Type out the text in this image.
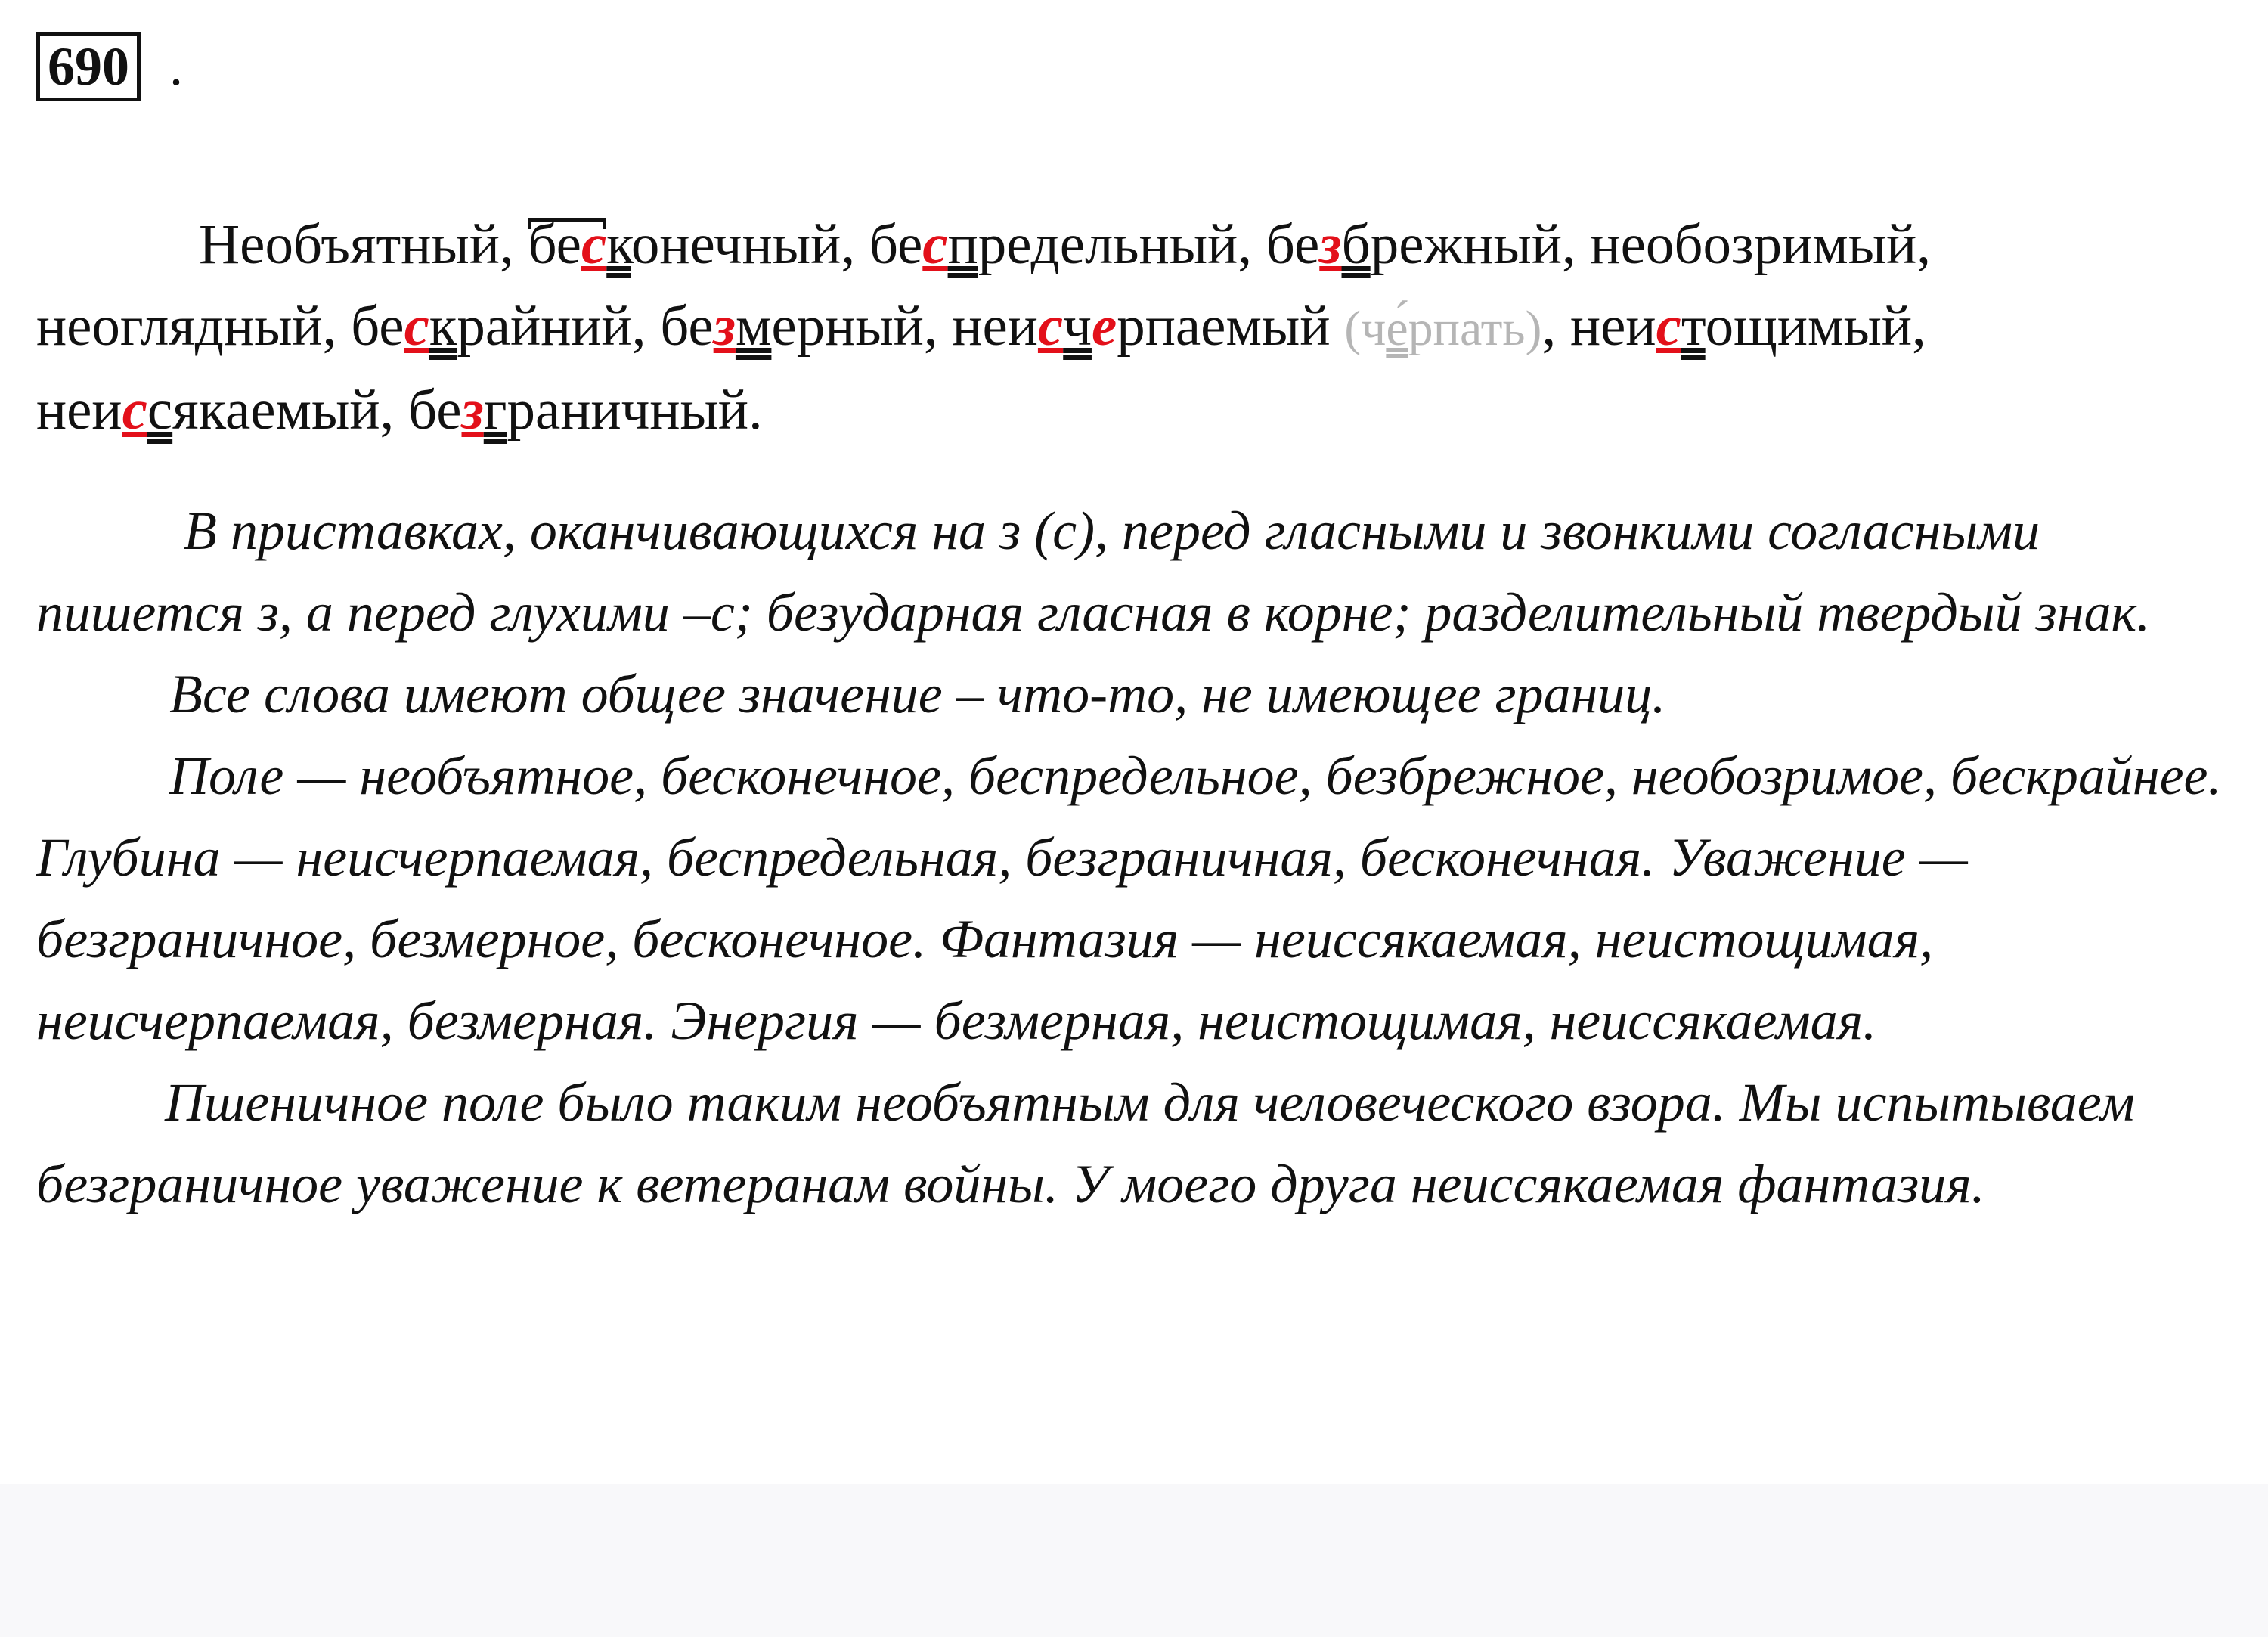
690 .

Необъятный, бесконечный, беспредельный, безбрежный, необозримый,
неоглядный, бескрайний, безмерный, неисчерпаемый (че́рпать), неистощимый,
неиссякаемый, безграничный.

В приставках, оканчивающихся на з (с), перед гласными и звонкими согласными пишется з, а перед глухими –с; безударная гласная в корне; разделительный твердый знак.

Все слова имеют общее значение – что-то, не имеющее границ.

Поле — необъятное, бесконечное, беспредельное, безбрежное, необозримое, бескрайнее. Глубина — неисчерпаемая, беспредельная, безграничная, бесконечная. Уважение — безграничное, безмерное, бесконечное. Фантазия — неиссякаемая, неистощимая, неисчерпаемая, безмерная. Энергия — безмерная, неистощимая, неиссякаемая.

Пшеничное поле было таким необъятным для человеческого взора. Мы испытываем безграничное уважение к ветеранам войны. У моего друга неиссякаемая фантазия.
